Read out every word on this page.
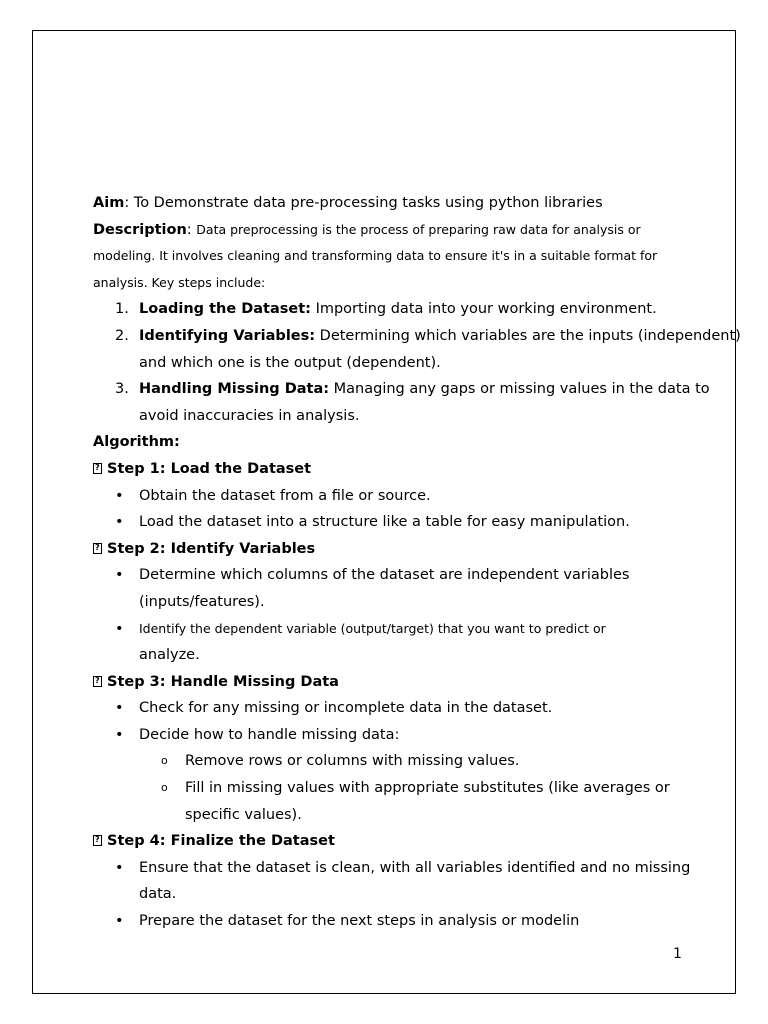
Aim: To Demonstrate data pre-processing tasks using python libraries
Description: Data preprocessing is the process of preparing raw data for analysis or
modeling. It involves cleaning and transforming data to ensure it's in a suitable format for
analysis. Key steps include:
1. Loading the Dataset: Importing data into your working environment.
2. Identifying Variables: Determining which variables are the inputs (independent)
and which one is the output (dependent).
3. Handling Missing Data: Managing any gaps or missing values in the data to
avoid inaccuracies in analysis.
Algorithm:
?Step 1: Load the Dataset
• Obtain the dataset from a file or source.
• Load the dataset into a structure like a table for easy manipulation.
?Step 2: Identify Variables
• Determine which columns of the dataset are independent variables
(inputs/features).
• Identify the dependent variable (output/target) that you want to predict or
analyze.
?Step 3: Handle Missing Data
• Check for any missing or incomplete data in the dataset.
• Decide how to handle missing data:
o Remove rows or columns with missing values.
o Fill in missing values with appropriate substitutes (like averages or
specific values).
?Step 4: Finalize the Dataset
• Ensure that the dataset is clean, with all variables identified and no missing
data.
• Prepare the dataset for the next steps in analysis or modelin
1
